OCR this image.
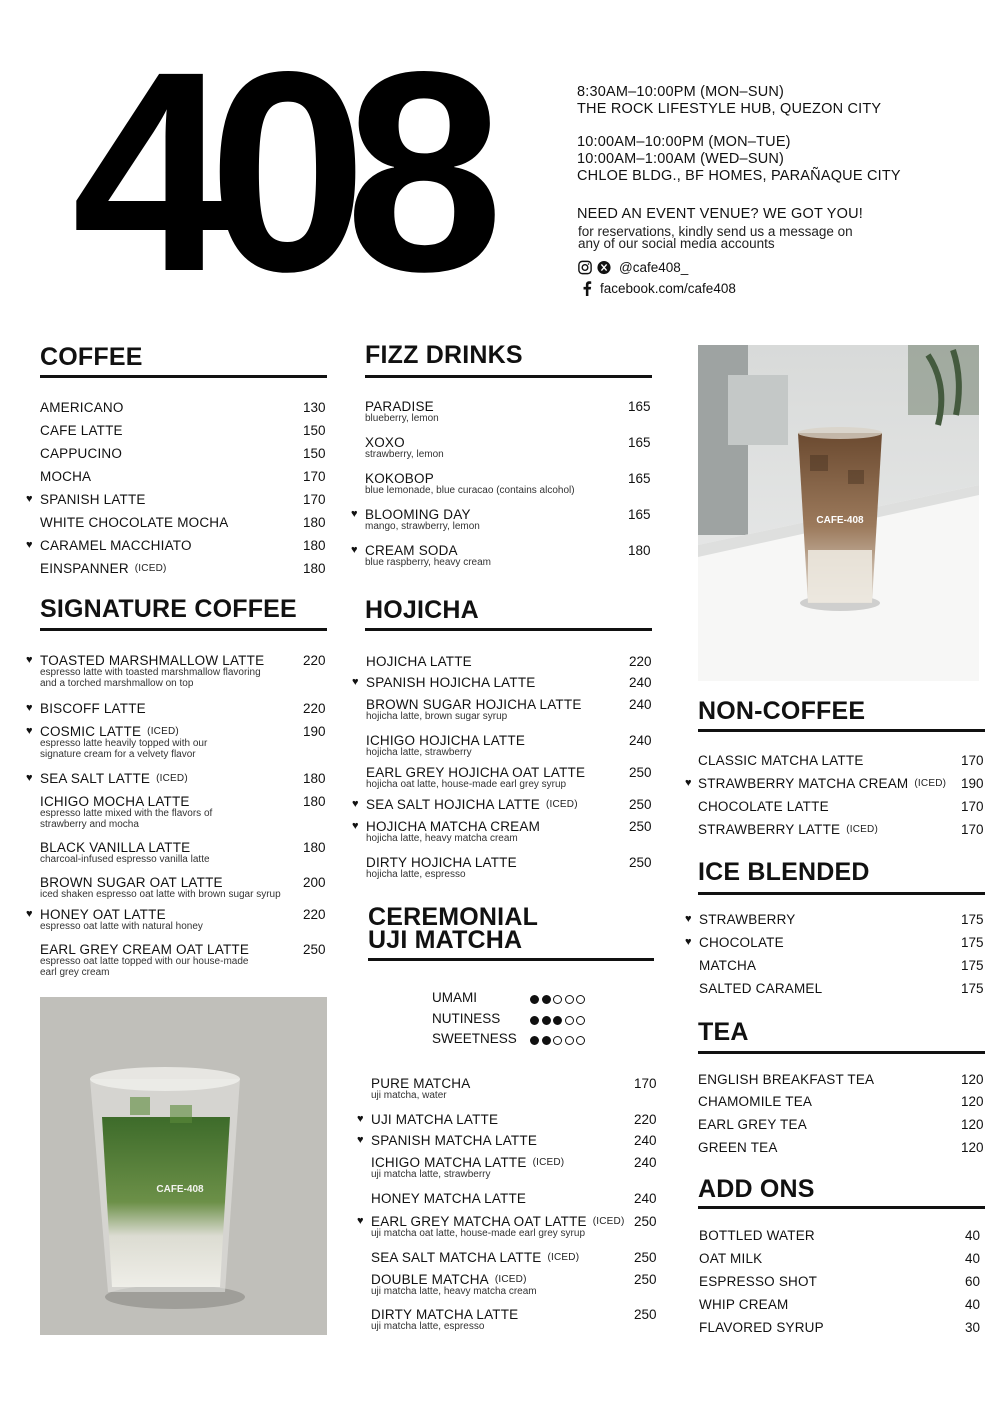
408	8:30AM–10:00PM (MON–SUN)
THE ROCK LIFESTYLE HUB, QUEZON CITY
10:00AM–10:00PM (MON–TUE)
10:00AM–1:00AM (WED–SUN)
CHLOE BLDG., BF HOMES, PARAÑAQUE CITY
NEED AN EVENT VENUE? WE GOT YOU!
for reservations, kindly send us a message on
any of our social media accounts
@cafe408_
facebook.com/cafe408
CAFE-408
CAFE-408
COFFEE
SIGNATURE COFFEE
FIZZ DRINKS
HOJICHA
CEREMONIAL
UJI MATCHA
NON-COFFEE
ICE BLENDED
TEA
ADD ONS
UMAMI
NUTINESS
SWEETNESS
AMERICANO	130
CAFE LATTE	150
CAPPUCINO	150
MOCHA	170
♥ SPANISH LATTE	170
WHITE CHOCOLATE MOCHA	180
♥ CARAMEL MACCHIATO	180
EINSPANNER (ICED)	180
♥ TOASTED MARSHMALLOW LATTE	220
espresso latte with toasted marshmallow flavoring
and a torched marshmallow on top
♥ BISCOFF LATTE	220
♥ COSMIC LATTE (ICED)	190
espresso latte heavily topped with our
signature cream for a velvety flavor
♥ SEA SALT LATTE (ICED)	180
ICHIGO MOCHA LATTE	180
espresso latte mixed with the flavors of
strawberry and mocha
BLACK VANILLA LATTE	180
charcoal-infused espresso vanilla latte
BROWN SUGAR OAT LATTE	200
iced shaken espresso oat latte with brown sugar syrup
♥ HONEY OAT LATTE	220
espresso oat latte with natural honey
EARL GREY CREAM OAT LATTE	250
espresso oat latte topped with our house-made
earl grey cream
PARADISE	165
blueberry, lemon
XOXO	165
strawberry, lemon
KOKOBOP	165
blue lemonade, blue curacao (contains alcohol)
♥ BLOOMING DAY	165
mango, strawberry, lemon
♥ CREAM SODA	180
blue raspberry, heavy cream
HOJICHA LATTE	220
♥ SPANISH HOJICHA LATTE	240
BROWN SUGAR HOJICHA LATTE	240
hojicha latte, brown sugar syrup
ICHIGO HOJICHA LATTE	240
hojicha latte, strawberry
EARL GREY HOJICHA OAT LATTE	250
hojicha oat latte, house-made earl grey syrup
♥ SEA SALT HOJICHA LATTE (ICED)	250
♥ HOJICHA MATCHA CREAM	250
hojicha latte, heavy matcha cream
DIRTY HOJICHA LATTE	250
hojicha latte, espresso
PURE MATCHA	170
uji matcha, water
♥ UJI MATCHA LATTE	220
♥ SPANISH MATCHA LATTE	240
ICHIGO MATCHA LATTE (ICED)	240
uji matcha latte, strawberry
HONEY MATCHA LATTE	240
♥ EARL GREY MATCHA OAT LATTE (ICED) 250
uji matcha oat latte, house-made earl grey syrup
SEA SALT MATCHA LATTE (ICED)	250
DOUBLE MATCHA (ICED)	250
uji matcha latte, heavy matcha cream
DIRTY MATCHA LATTE	250
uji matcha latte, espresso
CLASSIC MATCHA LATTE	170
♥ STRAWBERRY MATCHA CREAM (ICED) 190
CHOCOLATE LATTE	170
STRAWBERRY LATTE (ICED)	170
♥ STRAWBERRY	175
♥ CHOCOLATE	175
MATCHA	175
SALTED CARAMEL	175
ENGLISH BREAKFAST TEA	120
CHAMOMILE TEA	120
EARL GREY TEA	120
GREEN TEA	120
BOTTLED WATER	40
OAT MILK	40
ESPRESSO SHOT	60
WHIP CREAM	40
FLAVORED SYRUP	30
